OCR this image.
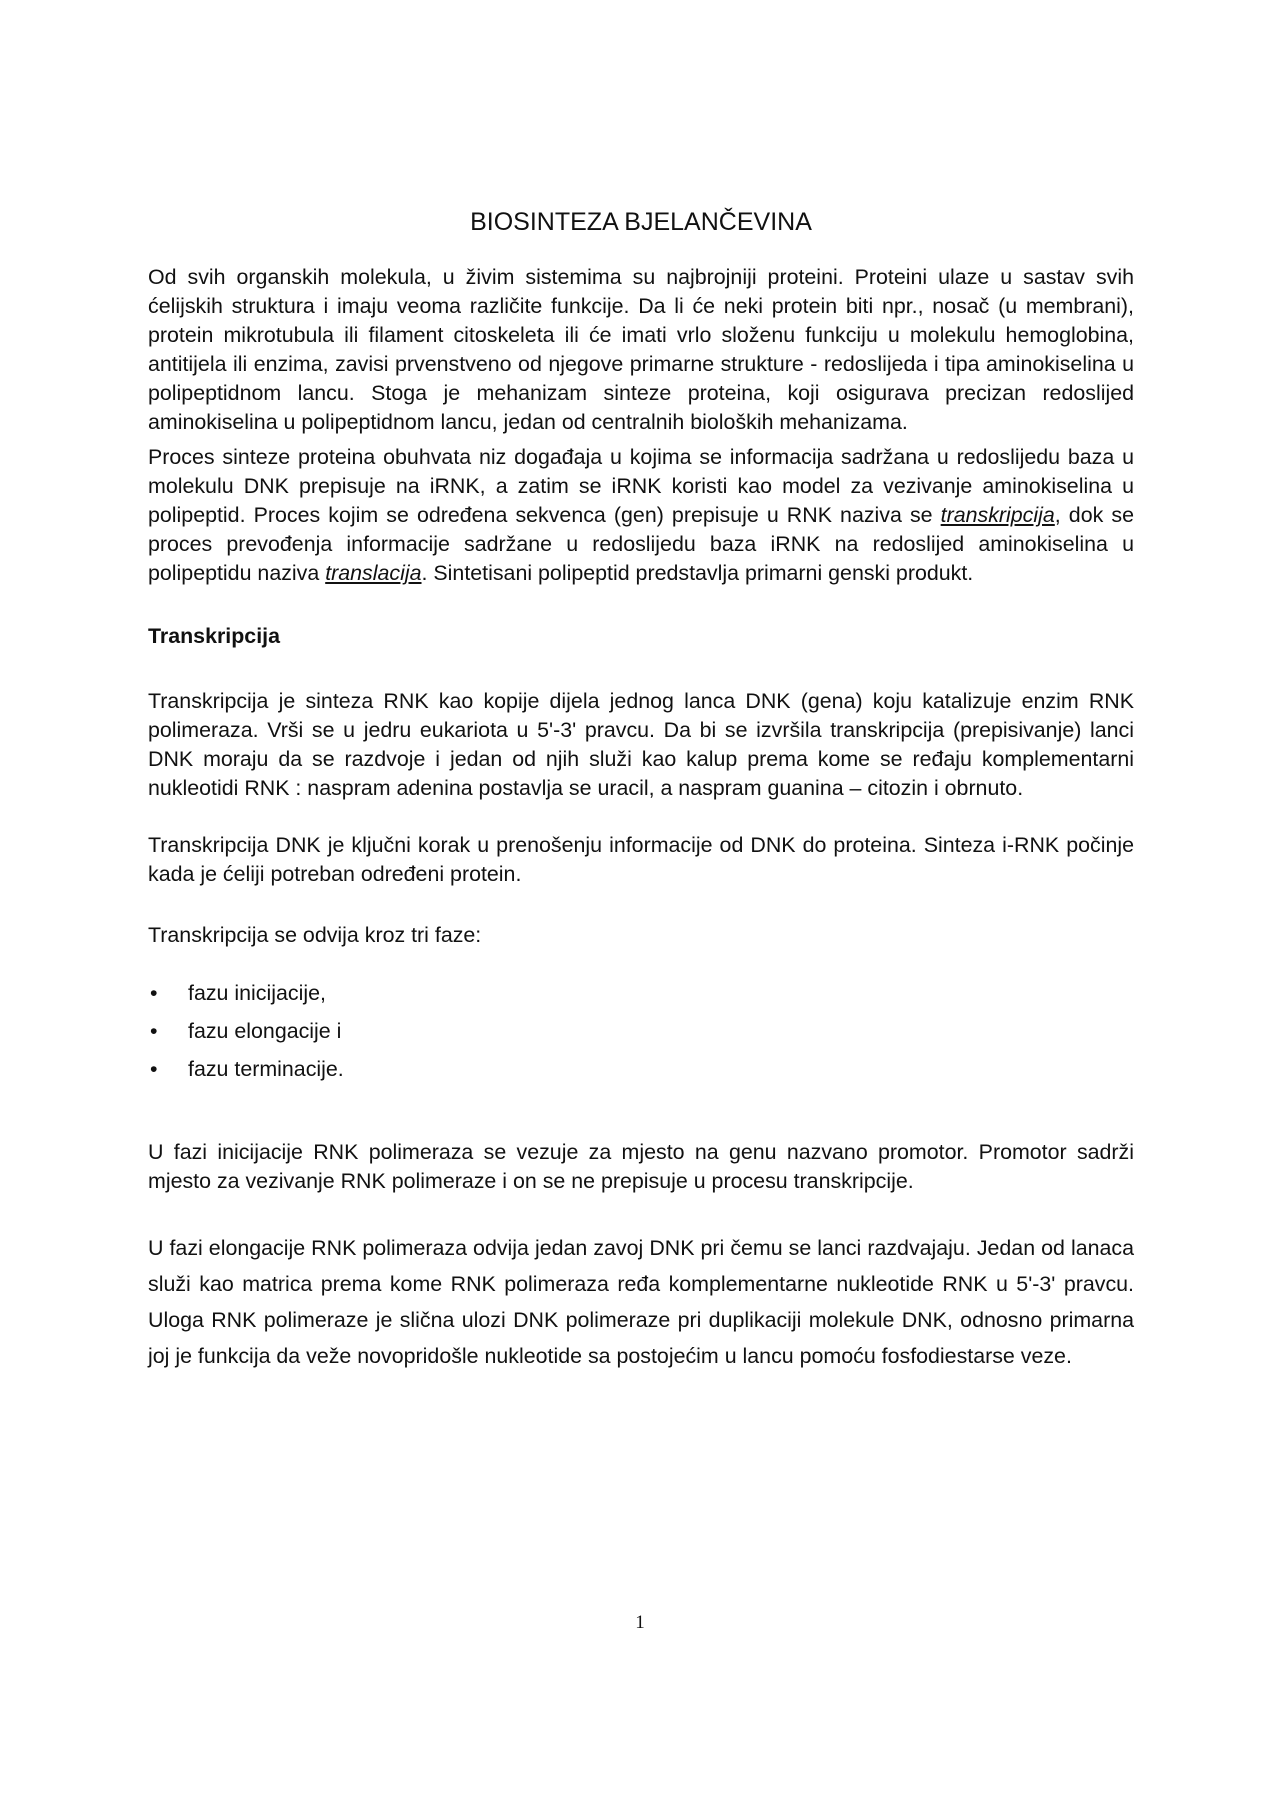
BIOSINTEZA BJELANČEVINA

Od svih organskih molekula, u živim sistemima su najbrojniji proteini. Proteini ulaze u sastav svih ćelijskih struktura i imaju veoma različite funkcije. Da li će neki protein biti npr., nosač (u membrani), protein mikrotubula ili filament citoskeleta ili će imati vrlo složenu funkciju u molekulu hemoglobina, antitijela ili enzima, zavisi prvenstveno od njegove primarne strukture - redoslijeda i tipa aminokiselina u polipeptidnom lancu. Stoga je mehanizam sinteze proteina, koji osigurava precizan redoslijed aminokiselina u polipeptidnom lancu, jedan od centralnih bioloških mehanizama.

Proces sinteze proteina obuhvata niz događaja u kojima se informacija sadržana u redoslijedu baza u molekulu DNK prepisuje na iRNK, a zatim se iRNK koristi kao model za vezivanje aminokiselina u polipeptid. Proces kojim se određena sekvenca (gen) prepisuje u RNK naziva se transkripcija, dok se proces prevođenja informacije sadržane u redoslijedu baza iRNK na redoslijed aminokiselina u polipeptidu naziva translacija. Sintetisani polipeptid predstavlja primarni genski produkt.

Transkripcija

Transkripcija je sinteza RNK kao kopije dijela jednog lanca DNK (gena) koju katalizuje enzim RNK polimeraza. Vrši se u jedru eukariota u 5'-3' pravcu. Da bi se izvršila transkripcija (prepisivanje) lanci DNK moraju da se razdvoje i jedan od njih služi kao kalup prema kome se ređaju komplementarni nukleotidi RNK : naspram adenina postavlja se uracil, a naspram guanina – citozin i obrnuto.

Transkripcija DNK je ključni korak u prenošenju informacije od DNK do proteina. Sinteza i-RNK počinje kada je ćeliji potreban određeni protein.

Transkripcija se odvija kroz tri faze:

• fazu inicijacije,
• fazu elongacije i
• fazu terminacije.

U fazi inicijacije RNK polimeraza se vezuje za mjesto na genu nazvano promotor. Promotor sadrži mjesto za vezivanje RNK polimeraze i on se ne prepisuje u procesu transkripcije.

U fazi elongacije RNK polimeraza odvija jedan zavoj DNK pri čemu se lanci razdvajaju. Jedan od lanaca služi kao matrica prema kome RNK polimeraza ređa komplementarne nukleotide RNK u 5'-3' pravcu. Uloga RNK polimeraze je slična ulozi DNK polimeraze pri duplikaciji molekule DNK, odnosno primarna joj je funkcija da veže novopridošle nukleotide sa postojećim u lancu pomoću fosfodiestarse veze.

1
